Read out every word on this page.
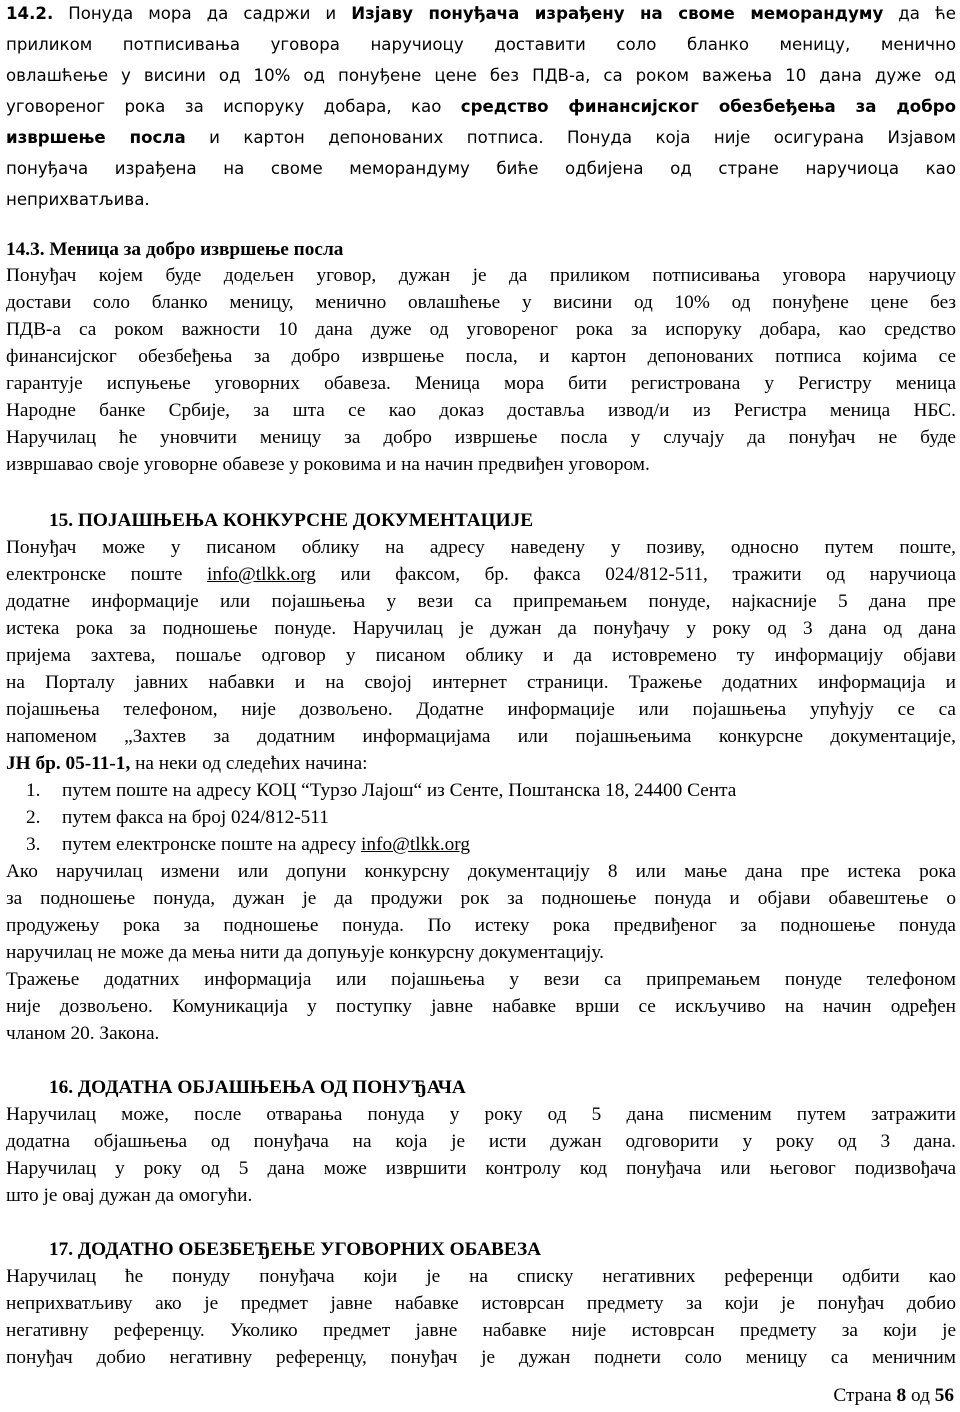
14.2. Понуда мора да садржи и Изјаву понуђача израђену на своме меморандуму да ће
приликом потписивања уговора наручиоцу доставити соло бланко меницу, менично
овлашћење у висини од 10% од понуђене цене без ПДВ-а, са роком важења 10 дана дуже од
уговореног рока за испоруку добара, као средство финансијског обезбеђења за добро
извршење посла и картон депонованих потписа. Понуда која није осигурана Изјавом
понуђача израђена на своме меморандуму биће одбијена од стране наручиоца као
неприхватљива.
14.3. Меница за добро извршење посла
Понуђач којем буде додељен уговор, дужан је да приликом потписивања уговора наручиоцу
достави соло бланко меницу, менично овлашћење у висини од 10% од понуђене цене без
ПДВ-а са роком важности 10 дана дуже од уговореног рока за испоруку добара, као средство
финансијског обезбеђења за добро извршење посла, и картон депонованих потписа којима се
гарантује испуњење уговорних обавеза. Меница мора бити регистрована у Регистру меница
Народне банке Србије, за шта се као доказ доставља извод/и из Регистра меница НБС.
Наручилац ће уновчити меницу за добро извршење посла у случају да понуђач не буде
извршавао своје уговорне обавезе у роковима и на начин предвиђен уговором.
15. ПОЈАШЊЕЊА КОНКУРСНЕ ДОКУМЕНТАЦИЈЕ
Понуђач може у писаном облику на адресу наведену у позиву, односно путем поште,
електронске поште info@tlkk.org или факсом, бр. факса 024/812-511, тражити од наручиоца
додатне информације или појашњења у вези са припремањем понуде, најкасније 5 дана пре
истека рока за подношење понуде. Наручилац је дужан да понуђачу у року од 3 дана од дана
пријема захтева, пошаље одговор у писаном облику и да истовремено ту информацију објави
на Порталу јавних набавки и на својој интернет страници. Тражење додатних информација и
појашњења телефоном, није дозвољено. Додатне информације или појашњења упућују се са
напоменом „Захтев за додатним информацијама или појашњењима конкурсне документације,
ЈН бр. 05-11-1, на неки од следећих начина:
1. путем поште на адресу КОЦ “Турзо Лајош“ из Сенте, Поштанска 18, 24400 Сента
2. путем факса на број 024/812-511
3. путем електронске поште на адресу info@tlkk.org
Ако наручилац измени или допуни конкурсну документацију 8 или мање дана пре истека рока
за подношење понуда, дужан је да продужи рок за подношење понуда и објави обавештење о
продужењу рока за подношење понуда. По истеку рока предвиђеног за подношење понуда
наручилац не може да мења нити да допуњује конкурсну документацију.
Тражење додатних информација или појашњења у вези са припремањем понуде телефоном
није дозвољено. Комуникација у поступку јавне набавке врши се искључиво на начин одређен
чланом 20. Закона.
16. ДОДАТНА ОБЈАШЊЕЊА ОД ПОНУЂАЧА
Наручилац може, после отварања понуда у року од 5 дана писменим путем затражити
додатна објашњења од понуђача на која је исти дужан одговорити у року од 3 дана.
Наручилац у року од 5 дана може извршити контролу код понуђача или његовог подизвођача
што је овај дужан да омогући.
17. ДОДАТНО ОБЕЗБЕЂЕЊЕ УГОВОРНИХ ОБАВЕЗА
Наручилац ће понуду понуђача који је на списку негативних референци одбити као
неприхватљиву ако је предмет јавне набавке истоврсан предмету за који је понуђач добио
негативну референцу. Уколико предмет јавне набавке није истоврсан предмету за који је
понуђач добио негативну референцу, понуђач је дужан поднети соло меницу са меничним
Страна 8 од 56
